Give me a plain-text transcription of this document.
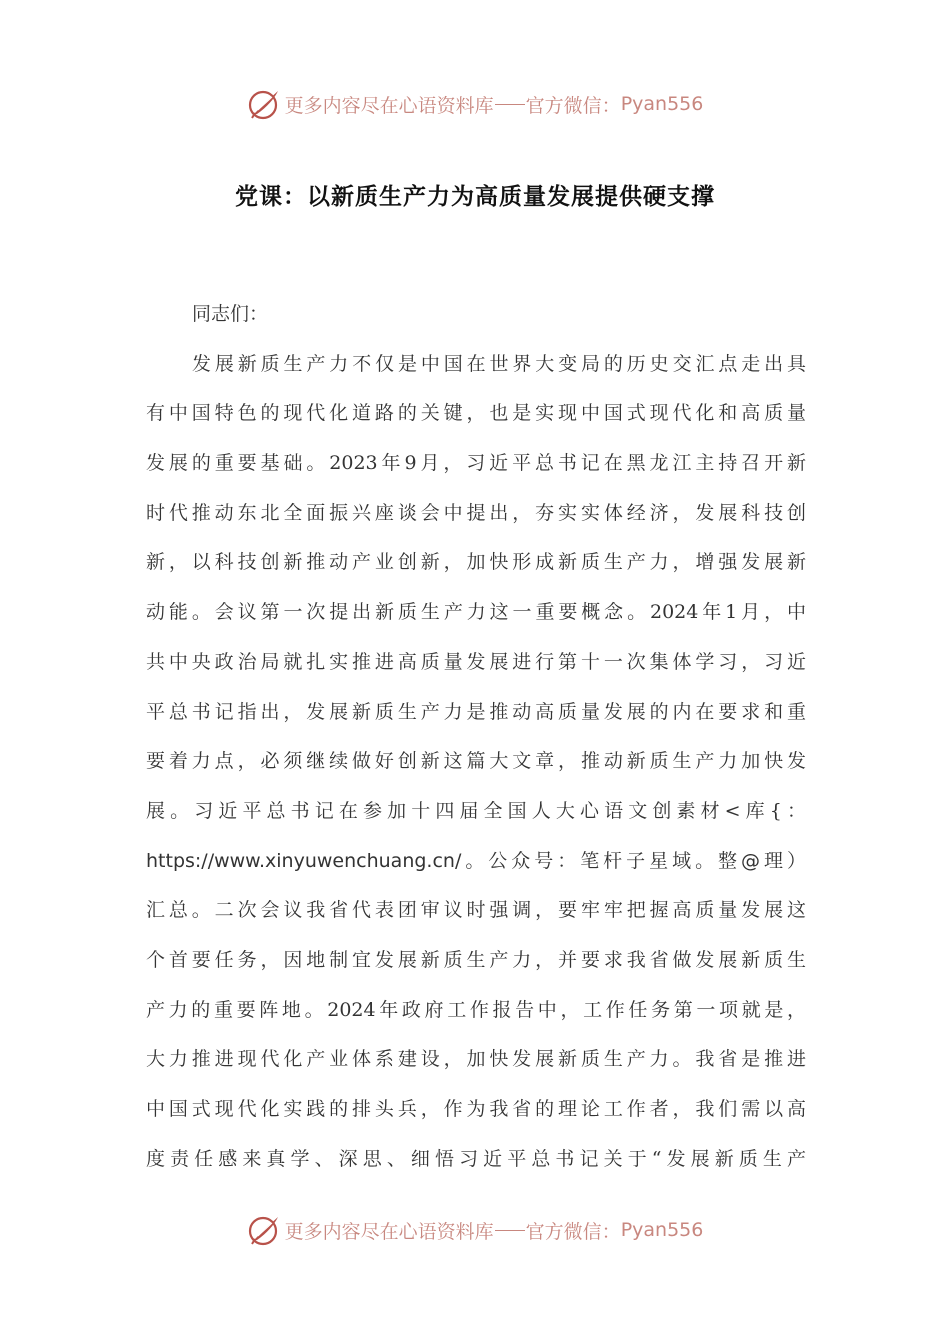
更多内容尽在心语资料库 官方微信： Pyan556
党课：以新质生产力为高质量发展提供硬支撑
同志们：
发展新质生产力不仅是中国在世界大变局的历史交汇点走出具
有中国特色的现代化道路的关键，也是实现中国式现代化和高质量
发展的重要基础。2023年9月，习近平总书记在黑龙江主持召开新
时代推动东北全面振兴座谈会中提出，夯实实体经济，发展科技创
新，以科技创新推动产业创新，加快形成新质生产力，增强发展新
动能。会议第一次提出新质生产力这一重要概念。2024年1月，中
共中央政治局就扎实推进高质量发展进行第十一次集体学习，习近
平总书记指出，发展新质生产力是推动高质量发展的内在要求和重
要着力点，必须继续做好创新这篇大文章，推动新质生产力加快发
展。习近平总书记在参加十四届全国人大心语文创素材<库{：
https://www.xinyuwenchuang.cn/。公众号：笔杆子星域。整@理）
汇总。二次会议我省代表团审议时强调，要牢牢把握高质量发展这
个首要任务，因地制宜发展新质生产力，并要求我省做发展新质生
产力的重要阵地。2024年政府工作报告中，工作任务第一项就是，
大力推进现代化产业体系建设，加快发展新质生产力。我省是推进
中国式现代化实践的排头兵，作为我省的理论工作者，我们需以高
度责任感来真学、深思、细悟习近平总书记关于“发展新质生产
更多内容尽在心语资料库 官方微信： Pyan556
